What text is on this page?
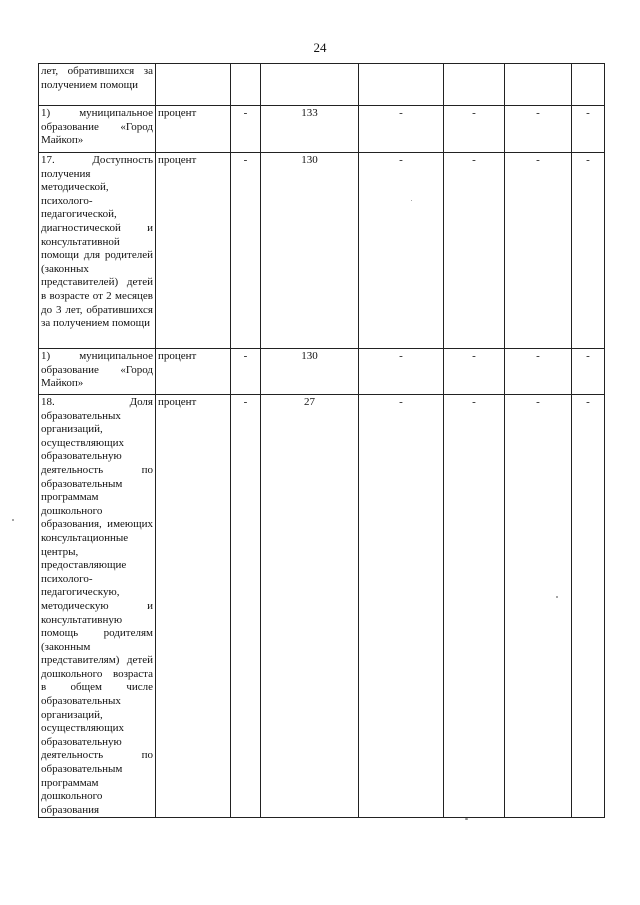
24
лет, обратившихся за получением помощи							
1) муниципальное образование «Город Майкоп»	процент	-	133	-	-	-	-
17. Доступность получения методической, психолого-педагогической, диагностической и консультативной помощи для родителей (законных представителей) детей в возрасте от 2 месяцев до 3 лет, обратившихся за получением помощи	процент	-	130	-	-	-	-
1) муниципальное образование «Город Майкоп»	процент	-	130	-	-	-	-
18. Доля образовательных организаций, осуществляющих образовательную деятельность по образовательным программам дошкольного образования, имеющих консультационные центры, предоставляющие психолого-педагогическую, методическую и консультативную помощь родителям (законным представителям) детей дошкольного возраста в общем числе образовательных организаций, осуществляющих образовательную деятельность по образовательным программам дошкольного образования	процент	-	27	-	-	-	-
